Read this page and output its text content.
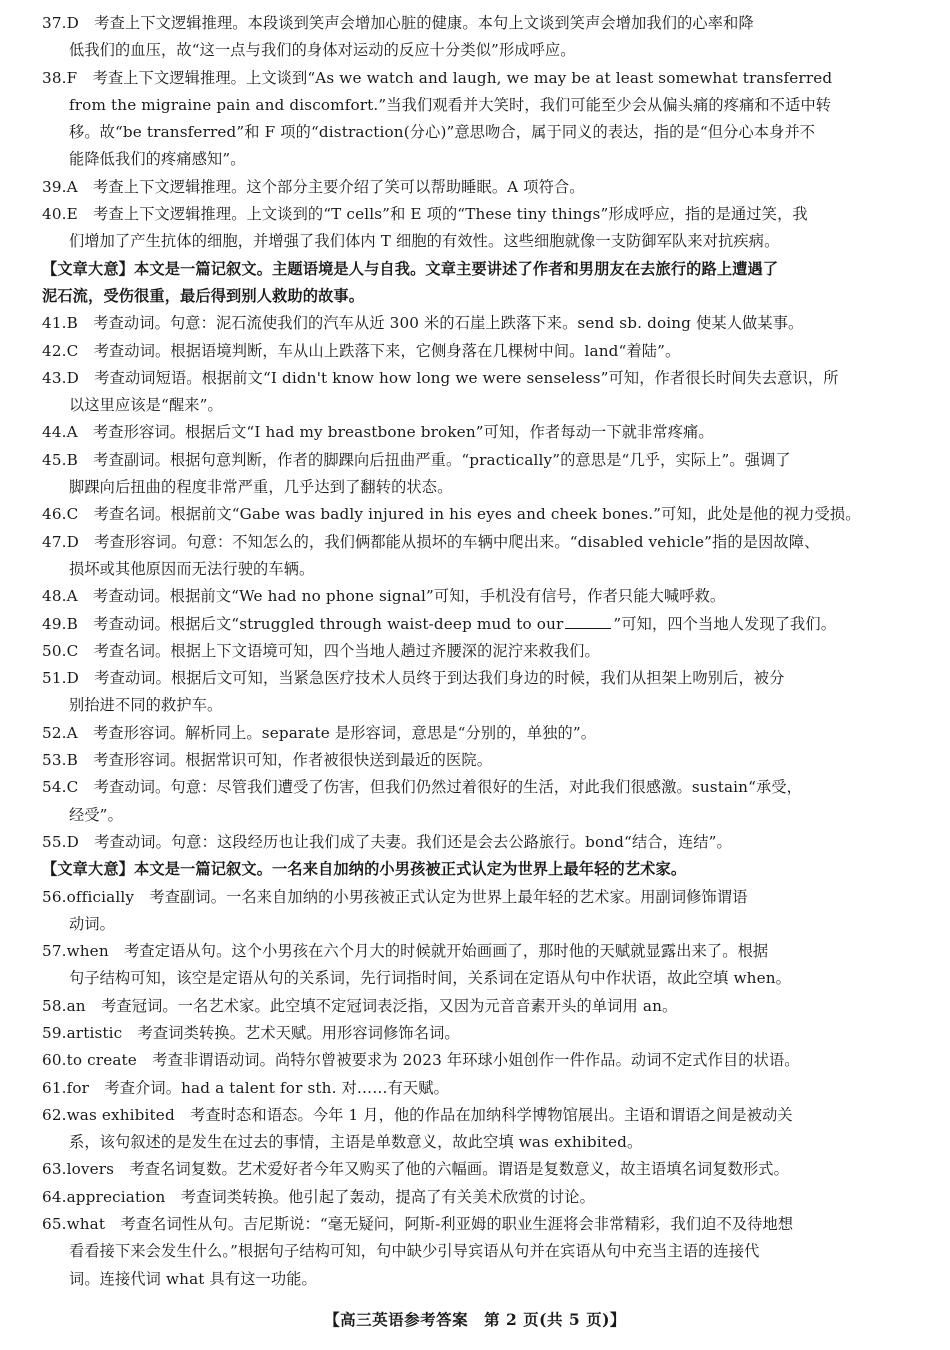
37.D　考查上下文逻辑推理。本段谈到笑声会增加心脏的健康。本句上文谈到笑声会增加我们的心率和降
低我们的血压，故“这一点与我们的身体对运动的反应十分类似”形成呼应。
38.F　考查上下文逻辑推理。上文谈到“As we watch and laugh, we may be at least somewhat transferred
from the migraine pain and discomfort.”当我们观看并大笑时，我们可能至少会从偏头痛的疼痛和不适中转
移。故“be transferred”和 F 项的“distraction(分心)”意思吻合，属于同义的表达，指的是“但分心本身并不
能降低我们的疼痛感知”。
39.A　考查上下文逻辑推理。这个部分主要介绍了笑可以帮助睡眠。A 项符合。
40.E　考查上下文逻辑推理。上文谈到的“T cells”和 E 项的“These tiny things”形成呼应，指的是通过笑，我
们增加了产生抗体的细胞，并增强了我们体内 T 细胞的有效性。这些细胞就像一支防御军队来对抗疾病。
【文章大意】本文是一篇记叙文。主题语境是人与自我。文章主要讲述了作者和男朋友在去旅行的路上遭遇了
泥石流，受伤很重，最后得到别人救助的故事。
41.B　考查动词。句意：泥石流使我们的汽车从近 300 米的石崖上跌落下来。send sb. doing 使某人做某事。
42.C　考查动词。根据语境判断，车从山上跌落下来，它侧身落在几棵树中间。land“着陆”。
43.D　考查动词短语。根据前文“I didn't know how long we were senseless”可知，作者很长时间失去意识，所
以这里应该是“醒来”。
44.A　考查形容词。根据后文“I had my breastbone broken”可知，作者每动一下就非常疼痛。
45.B　考查副词。根据句意判断，作者的脚踝向后扭曲严重。“practically”的意思是“几乎，实际上”。强调了
脚踝向后扭曲的程度非常严重，几乎达到了翻转的状态。
46.C　考查名词。根据前文“Gabe was badly injured in his eyes and cheek bones.”可知，此处是他的视力受损。
47.D　考查形容词。句意：不知怎么的，我们俩都能从损坏的车辆中爬出来。“disabled vehicle”指的是因故障、
损坏或其他原因而无法行驶的车辆。
48.A　考查动词。根据前文“We had no phone signal”可知，手机没有信号，作者只能大喊呼救。
49.B　考查动词。根据后文“struggled through waist-deep mud to our	”可知，四个当地人发现了我们。
50.C　考查名词。根据上下文语境可知，四个当地人趟过齐腰深的泥泞来救我们。
51.D　考查动词。根据后文可知，当紧急医疗技术人员终于到达我们身边的时候，我们从担架上吻别后，被分
别抬进不同的救护车。
52.A　考查形容词。解析同上。separate 是形容词，意思是“分别的，单独的”。
53.B　考查形容词。根据常识可知，作者被很快送到最近的医院。
54.C　考查动词。句意：尽管我们遭受了伤害，但我们仍然过着很好的生活，对此我们很感激。sustain“承受，
经受”。
55.D　考查动词。句意：这段经历也让我们成了夫妻。我们还是会去公路旅行。bond“结合，连结”。
【文章大意】本文是一篇记叙文。一名来自加纳的小男孩被正式认定为世界上最年轻的艺术家。
56.officially　考查副词。一名来自加纳的小男孩被正式认定为世界上最年轻的艺术家。用副词修饰谓语
动词。
57.when　考查定语从句。这个小男孩在六个月大的时候就开始画画了，那时他的天赋就显露出来了。根据
句子结构可知，该空是定语从句的关系词，先行词指时间，关系词在定语从句中作状语，故此空填 when。
58.an　考查冠词。一名艺术家。此空填不定冠词表泛指，又因为元音音素开头的单词用 an。
59.artistic　考查词类转换。艺术天赋。用形容词修饰名词。
60.to create　考查非谓语动词。尚特尔曾被要求为 2023 年环球小姐创作一件作品。动词不定式作目的状语。
61.for　考查介词。had a talent for sth. 对……有天赋。
62.was exhibited　考查时态和语态。今年 1 月，他的作品在加纳科学博物馆展出。主语和谓语之间是被动关
系，该句叙述的是发生在过去的事情，主语是单数意义，故此空填 was exhibited。
63.lovers　考查名词复数。艺术爱好者今年又购买了他的六幅画。谓语是复数意义，故主语填名词复数形式。
64.appreciation　考查词类转换。他引起了轰动，提高了有关美术欣赏的讨论。
65.what　考查名词性从句。吉尼斯说：“毫无疑问，阿斯-利亚姆的职业生涯将会非常精彩，我们迫不及待地想
看看接下来会发生什么。”根据句子结构可知，句中缺少引导宾语从句并在宾语从句中充当主语的连接代
词。连接代词 what 具有这一功能。
【高三英语参考答案　第 2 页(共 5 页)】
